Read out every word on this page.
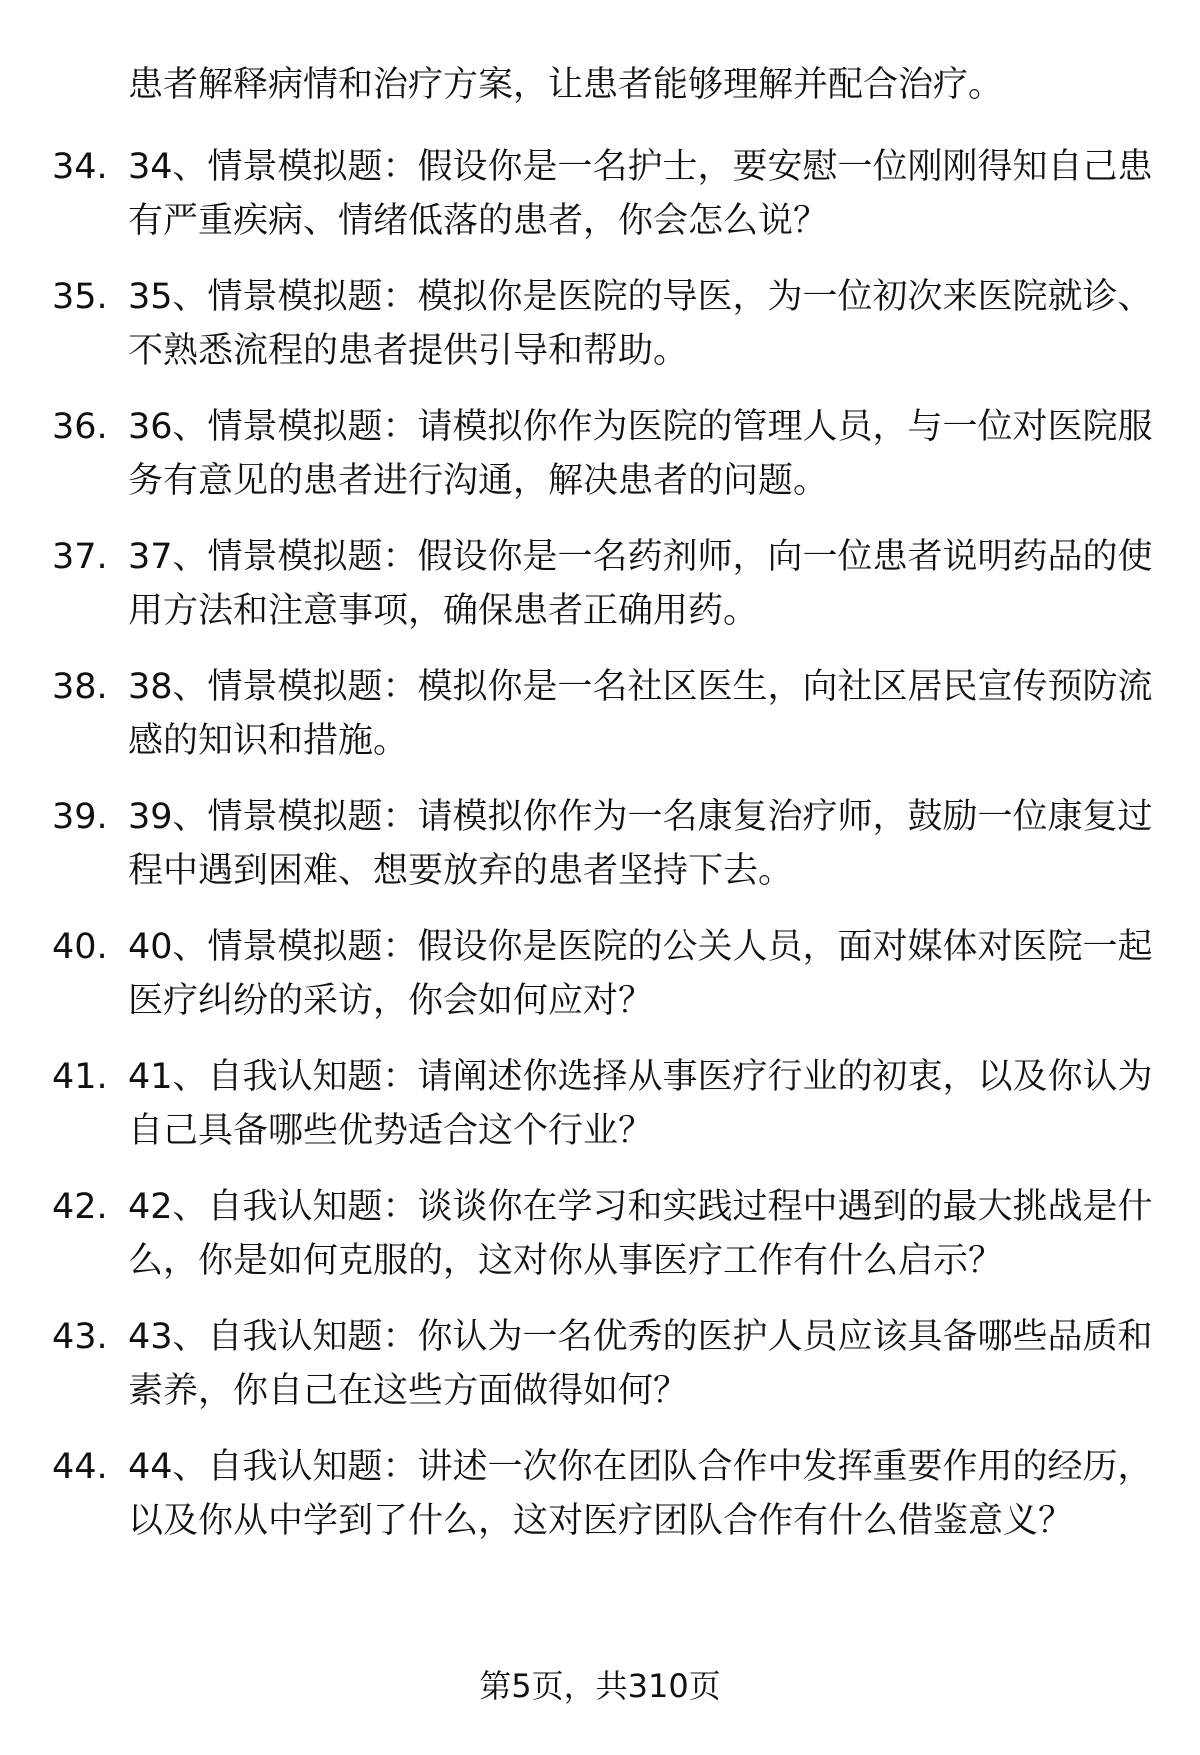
患者解释病情和治疗方案，让患者能够理解并配合治疗。
34. 34、情景模拟题：假设你是一名护士，要安慰一位刚刚得知自己患有严重疾病、情绪低落的患者，你会怎么说？
35. 35、情景模拟题：模拟你是医院的导医，为一位初次来医院就诊、不熟悉流程的患者提供引导和帮助。
36. 36、情景模拟题：请模拟你作为医院的管理人员，与一位对医院服务有意见的患者进行沟通，解决患者的问题。
37. 37、情景模拟题：假设你是一名药剂师，向一位患者说明药品的使用方法和注意事项，确保患者正确用药。
38. 38、情景模拟题：模拟你是一名社区医生，向社区居民宣传预防流感的知识和措施。
39. 39、情景模拟题：请模拟你作为一名康复治疗师，鼓励一位康复过程中遇到困难、想要放弃的患者坚持下去。
40. 40、情景模拟题：假设你是医院的公关人员，面对媒体对医院一起医疗纠纷的采访，你会如何应对？
41. 41、自我认知题：请阐述你选择从事医疗行业的初衷，以及你认为自己具备哪些优势适合这个行业？
42. 42、自我认知题：谈谈你在学习和实践过程中遇到的最大挑战是什么，你是如何克服的，这对你从事医疗工作有什么启示？
43. 43、自我认知题：你认为一名优秀的医护人员应该具备哪些品质和素养，你自己在这些方面做得如何？
44. 44、自我认知题：讲述一次你在团队合作中发挥重要作用的经历，以及你从中学到了什么，这对医疗团队合作有什么借鉴意义？
第5页，共310页
